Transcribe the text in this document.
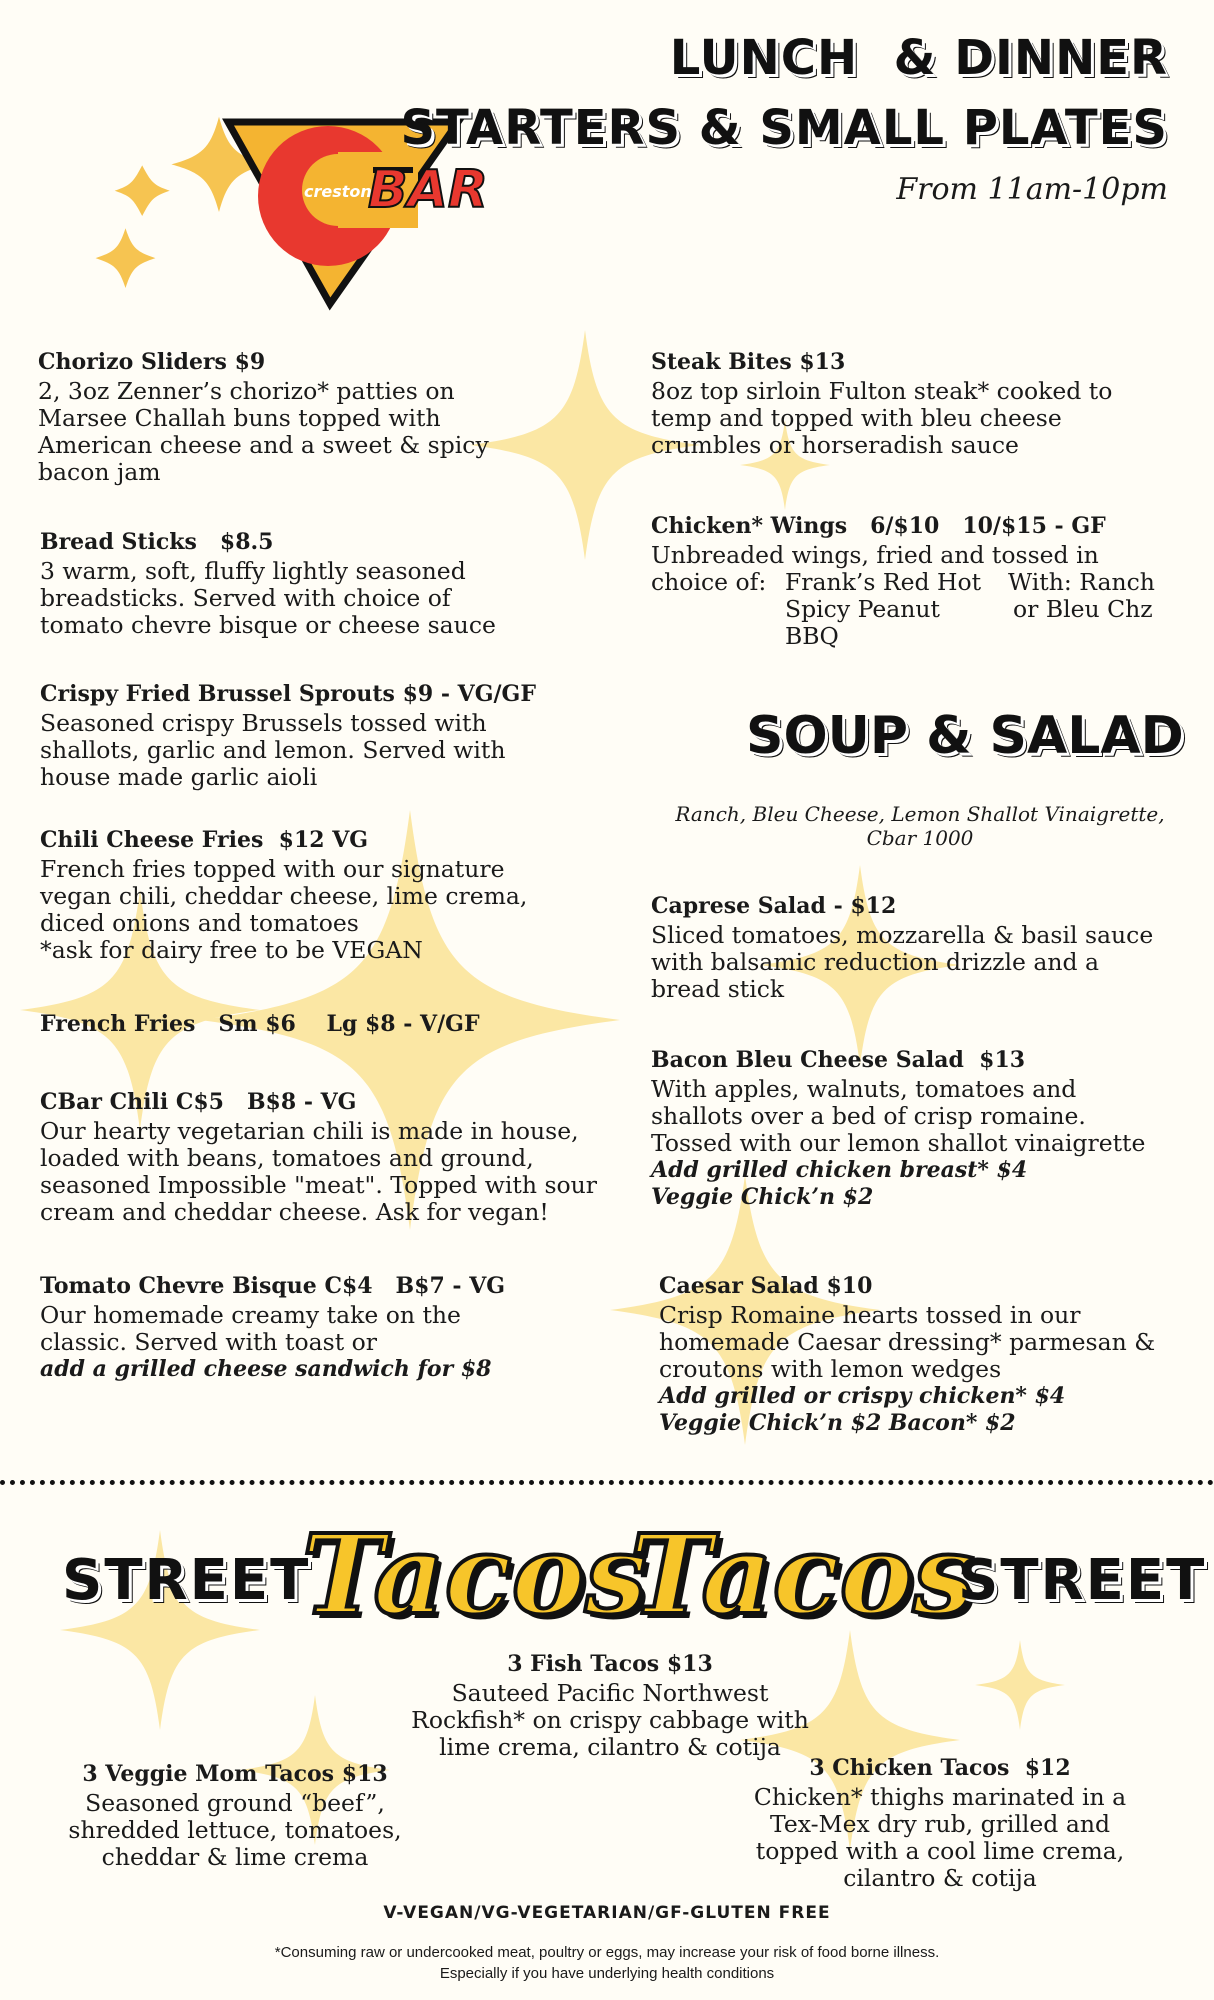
creston
BAR
LUNCH  & DINNER
STARTERS & SMALL PLATES
From 11am-10pm

Chorizo Sliders $9

2, 3oz Zenner’s chorizo* patties on

Marsee Challah buns topped with

American cheese and a sweet & spicy

bacon jam

Bread Sticks   $8.5

3 warm, soft, fluffy lightly seasoned

breadsticks. Served with choice of

tomato chevre bisque or cheese sauce

Crispy Fried Brussel Sprouts $9 - VG/GF

Seasoned crispy Brussels tossed with

shallots, garlic and lemon. Served with

house made garlic aioli

Chili Cheese Fries  $12 VG

French fries topped with our signature

vegan chili, cheddar cheese, lime crema,

diced onions and tomatoes

*ask for dairy free to be VEGAN

French Fries   Sm $6    Lg $8 - V/GF

CBar Chili C$5   B$8 - VG

Our hearty vegetarian chili is made in house,

loaded with beans, tomatoes and ground,

seasoned Impossible "meat". Topped with sour

cream and cheddar cheese. Ask for vegan!

Tomato Chevre Bisque C$4   B$7 - VG

Our homemade creamy take on the

classic. Served with toast or

add a grilled cheese sandwich for $8

Steak Bites $13

8oz top sirloin Fulton steak* cooked to

temp and topped with bleu cheese

crumbles or horseradish sauce

Chicken* Wings   6/$10   10/$15 - GF

Unbreaded wings, fried and tossed in

choice of: Frank’s Red Hot
Spicy Peanut
BBQ
With: Ranch
or Bleu Chz
SOUP & SALAD
Ranch, Bleu Cheese, Lemon Shallot Vinaigrette,
Cbar 1000

Caprese Salad - $12

Sliced tomatoes, mozzarella & basil sauce

with balsamic reduction drizzle and a

bread stick

Bacon Bleu Cheese Salad  $13

With apples, walnuts, tomatoes and

shallots over a bed of crisp romaine.

Tossed with our lemon shallot vinaigrette

Add grilled chicken breast* $4

Veggie Chick’n $2

Caesar Salad $10

Crisp Romaine hearts tossed in our

homemade Caesar dressing* parmesan &

croutons with lemon wedges

Add grilled or crispy chicken* $4

Veggie Chick’n $2 Bacon* $2

STREET
Tacos
Tacos
STREET

3 Fish Tacos $13

Sauteed Pacific Northwest

Rockfish* on crispy cabbage with

lime crema, cilantro & cotija

3 Veggie Mom Tacos $13

Seasoned ground “beef”,

shredded lettuce, tomatoes,

cheddar & lime crema

3 Chicken Tacos  $12

Chicken* thighs marinated in a

Tex-Mex dry rub, grilled and

topped with a cool lime crema,

cilantro & cotija

V-VEGAN/VG-VEGETARIAN/GF-GLUTEN FREE
*Consuming raw or undercooked meat, poultry or eggs, may increase your risk of food borne illness.
Especially if you have underlying health conditions
